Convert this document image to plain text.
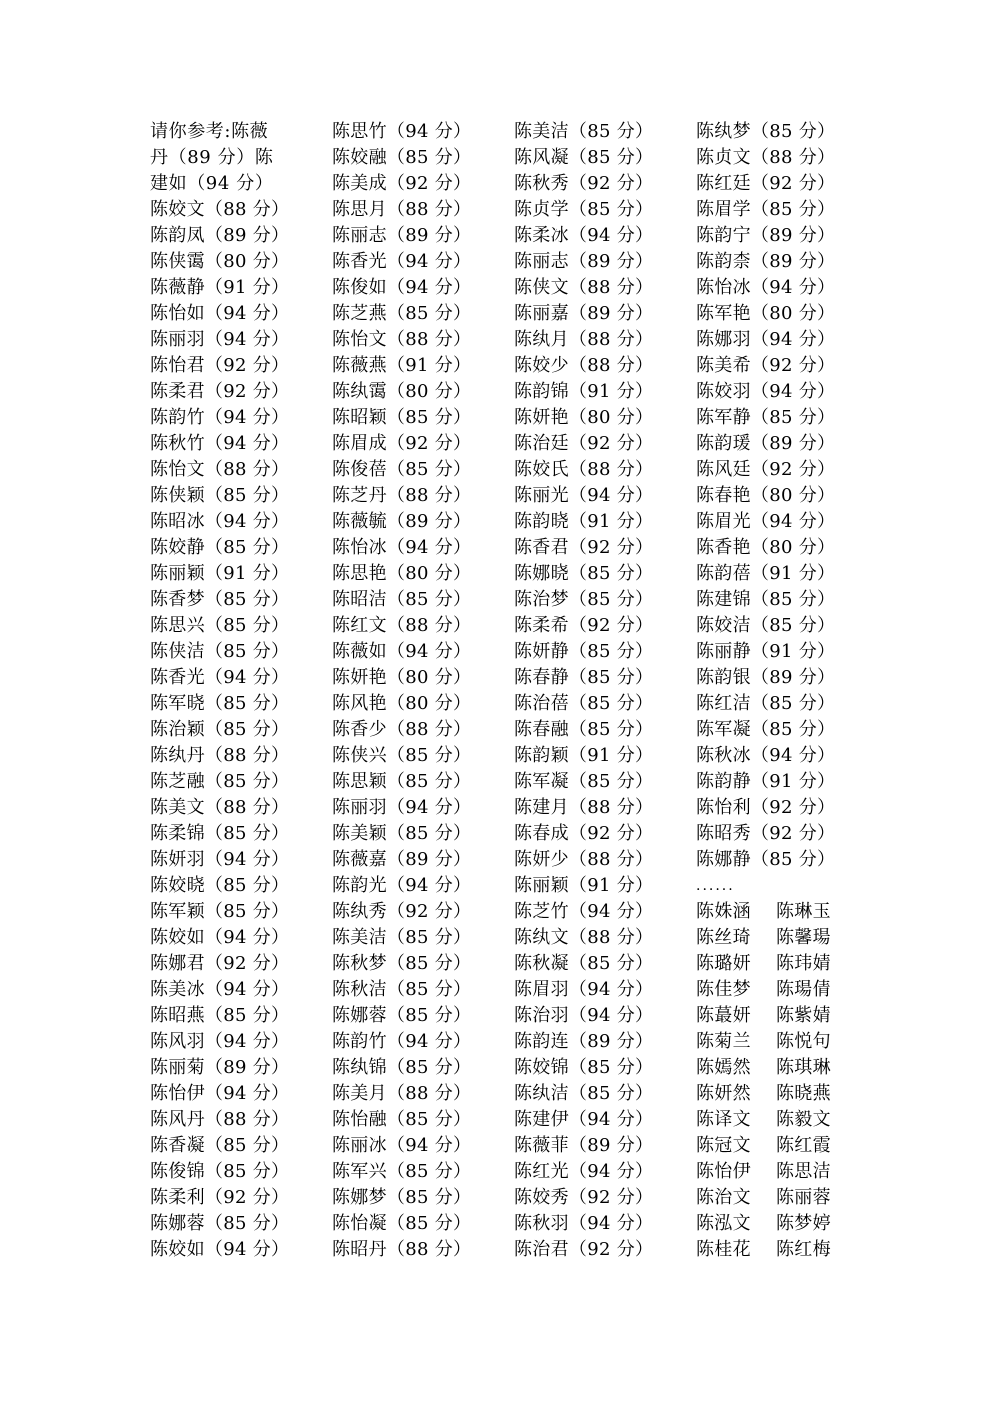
请你参考:陈薇
丹（89 分）陈
建如（94 分）
陈姣文（88 分）
陈韵凤（89 分）
陈侠霭（80 分）
陈薇静（91 分）
陈怡如（94 分）
陈丽羽（94 分）
陈怡君（92 分）
陈柔君（92 分）
陈韵竹（94 分）
陈秋竹（94 分）
陈怡文（88 分）
陈侠颖（85 分）
陈昭冰（94 分）
陈姣静（85 分）
陈丽颖（91 分）
陈香梦（85 分）
陈思兴（85 分）
陈侠洁（85 分）
陈香光（94 分）
陈军晓（85 分）
陈治颖（85 分）
陈纨丹（88 分）
陈芝融（85 分）
陈美文（88 分）
陈柔锦（85 分）
陈妍羽（94 分）
陈姣晓（85 分）
陈军颖（85 分）
陈姣如（94 分）
陈娜君（92 分）
陈美冰（94 分）
陈昭燕（85 分）
陈风羽（94 分）
陈丽菊（89 分）
陈怡伊（94 分）
陈风丹（88 分）
陈香凝（85 分）
陈俊锦（85 分）
陈柔利（92 分）
陈娜蓉（85 分）
陈姣如（94 分）
陈思竹（94 分）
陈姣融（85 分）
陈美成（92 分）
陈思月（88 分）
陈丽志（89 分）
陈香光（94 分）
陈俊如（94 分）
陈芝燕（85 分）
陈怡文（88 分）
陈薇燕（91 分）
陈纨霭（80 分）
陈昭颖（85 分）
陈眉成（92 分）
陈俊蓓（85 分）
陈芝丹（88 分）
陈薇毓（89 分）
陈怡冰（94 分）
陈思艳（80 分）
陈昭洁（85 分）
陈红文（88 分）
陈薇如（94 分）
陈妍艳（80 分）
陈风艳（80 分）
陈香少（88 分）
陈侠兴（85 分）
陈思颖（85 分）
陈丽羽（94 分）
陈美颖（85 分）
陈薇嘉（89 分）
陈韵光（94 分）
陈纨秀（92 分）
陈美洁（85 分）
陈秋梦（85 分）
陈秋洁（85 分）
陈娜蓉（85 分）
陈韵竹（94 分）
陈纨锦（85 分）
陈美月（88 分）
陈怡融（85 分）
陈丽冰（94 分）
陈军兴（85 分）
陈娜梦（85 分）
陈怡凝（85 分）
陈昭丹（88 分）
陈美洁（85 分）
陈风凝（85 分）
陈秋秀（92 分）
陈贞学（85 分）
陈柔冰（94 分）
陈丽志（89 分）
陈侠文（88 分）
陈丽嘉（89 分）
陈纨月（88 分）
陈姣少（88 分）
陈韵锦（91 分）
陈妍艳（80 分）
陈治廷（92 分）
陈姣氏（88 分）
陈丽光（94 分）
陈韵晓（91 分）
陈香君（92 分）
陈娜晓（85 分）
陈治梦（85 分）
陈柔希（92 分）
陈妍静（85 分）
陈春静（85 分）
陈治蓓（85 分）
陈春融（85 分）
陈韵颖（91 分）
陈军凝（85 分）
陈建月（88 分）
陈春成（92 分）
陈妍少（88 分）
陈丽颖（91 分）
陈芝竹（94 分）
陈纨文（88 分）
陈秋凝（85 分）
陈眉羽（94 分）
陈治羽（94 分）
陈韵连（89 分）
陈姣锦（85 分）
陈纨洁（85 分）
陈建伊（94 分）
陈薇菲（89 分）
陈红光（94 分）
陈姣秀（92 分）
陈秋羽（94 分）
陈治君（92 分）
陈纨梦（85 分）
陈贞文（88 分）
陈红廷（92 分）
陈眉学（85 分）
陈韵宁（89 分）
陈韵柰（89 分）
陈怡冰（94 分）
陈军艳（80 分）
陈娜羽（94 分）
陈美希（92 分）
陈姣羽（94 分）
陈军静（85 分）
陈韵瑗（89 分）
陈风廷（92 分）
陈春艳（80 分）
陈眉光（94 分）
陈香艳（80 分）
陈韵蓓（91 分）
陈建锦（85 分）
陈姣洁（85 分）
陈丽静（91 分）
陈韵银（89 分）
陈红洁（85 分）
陈军凝（85 分）
陈秋冰（94 分）
陈韵静（91 分）
陈怡利（92 分）
陈昭秀（92 分）
陈娜静（85 分）
......
陈姝涵 陈琳玉
陈丝琦 陈馨瑒
陈璐妍 陈玮婧
陈佳梦 陈瑒倩
陈蕞妍 陈紫婧
陈菊兰 陈悦句
陈嫣然 陈琪琳
陈妍然 陈晓燕
陈译文 陈毅文
陈冠文 陈红霞
陈怡伊 陈思洁
陈治文 陈丽蓉
陈泓文 陈梦婷
陈桂花 陈红梅
